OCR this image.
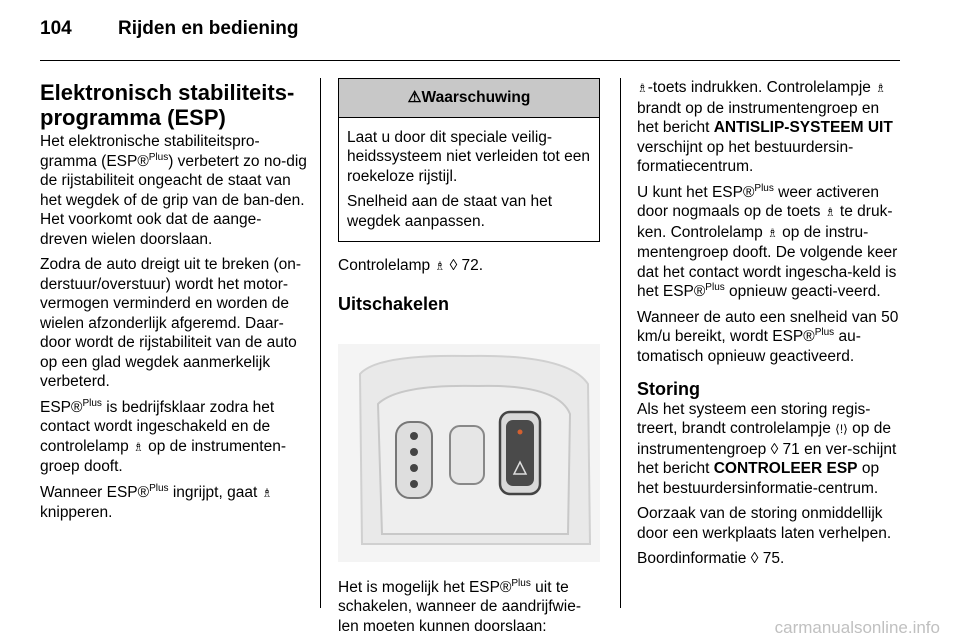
104 Rijden en bediening
Elektronisch stabiliteits-programma (ESP)

Het elektronische stabiliteitspro-gramma (ESP®$^{Plus}$) verbetert zo no-dig de rijstabiliteit ongeacht de staat van het wegdek of de grip van de ban-den. Het voorkomt ook dat de aange-dreven wielen doorslaan.

Zodra de auto dreigt uit te breken (on-derstuur/overstuur) wordt het motor-vermogen verminderd en worden de wielen afzonderlijk afgeremd. Daar-door wordt de rijstabiliteit van de auto op een glad wegdek aanmerkelijk verbeterd.

ESP®$^{Plus}$ is bedrijfsklaar zodra het contact wordt ingeschakeld en de controlelamp ♗ op de instrumenten-groep dooft.

Wanneer ESP®$^{Plus}$ ingrijpt, gaat ♗
knipperen.

⚠Waarschuwing

Laat u door dit speciale veilig-heidssysteem niet verleiden tot een roekeloze rijstijl.

Snelheid aan de staat van het wegdek aanpassen.

Controlelamp ♗ ◊ 72.

Uitschakelen

Het is mogelijk het ESP®$^{Plus}$ uit te schakelen, wanneer de aandrijfwie-len moeten kunnen doorslaan:

♗-toets indrukken. Controlelampje ♗ brandt op de instrumentengroep en het bericht ANTISLIP-SYSTEEM UIT verschijnt op het bestuurdersin-formatiecentrum.

U kunt het ESP®$^{Plus}$ weer activeren door nogmaals op de toets ♗ te druk-ken. Controlelamp ♗ op de instru-mentengroep dooft. De volgende keer dat het contact wordt ingescha-keld is het ESP®$^{Plus}$ opnieuw geacti-veerd.

Wanneer de auto een snelheid van 50 km/u bereikt, wordt ESP®$^{Plus}$ au-tomatisch opnieuw geactiveerd.

Storing

Als het systeem een storing regis-treert, brandt controlelampje ⟨!⟩ op de instrumentengroep ◊ 71 en ver-schijnt het bericht CONTROLEER ESP op het bestuurdersinformatie-centrum.

Oorzaak van de storing onmiddellijk door een werkplaats laten verhelpen.

Boordinformatie ◊ 75.

carmanualsonline.info
